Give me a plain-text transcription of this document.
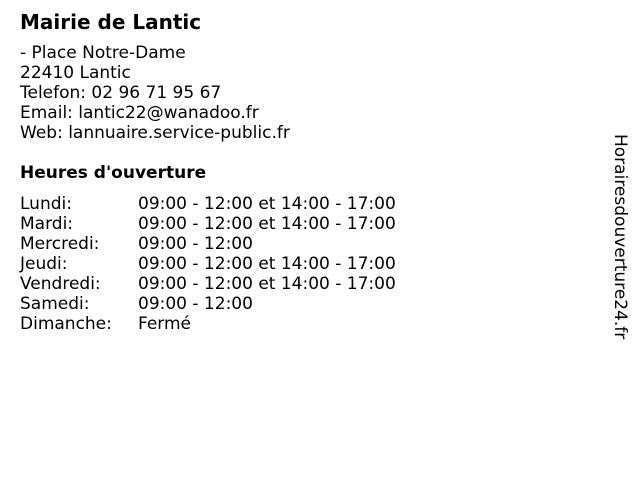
Mairie de Lantic
- Place Notre-Dame
22410 Lantic
Telefon: 02 96 71 95 67
Email: lantic22@wanadoo.fr
Web: lannuaire.service-public.fr
Heures d'ouverture
Lundi:	09:00 - 12:00 et 14:00 - 17:00
Mardi:	09:00 - 12:00 et 14:00 - 17:00
Mercredi:	09:00 - 12:00
Jeudi:	09:00 - 12:00 et 14:00 - 17:00
Vendredi:	09:00 - 12:00 et 14:00 - 17:00
Samedi:	09:00 - 12:00
Dimanche:	Fermé	Horairesdouverture24.fr
